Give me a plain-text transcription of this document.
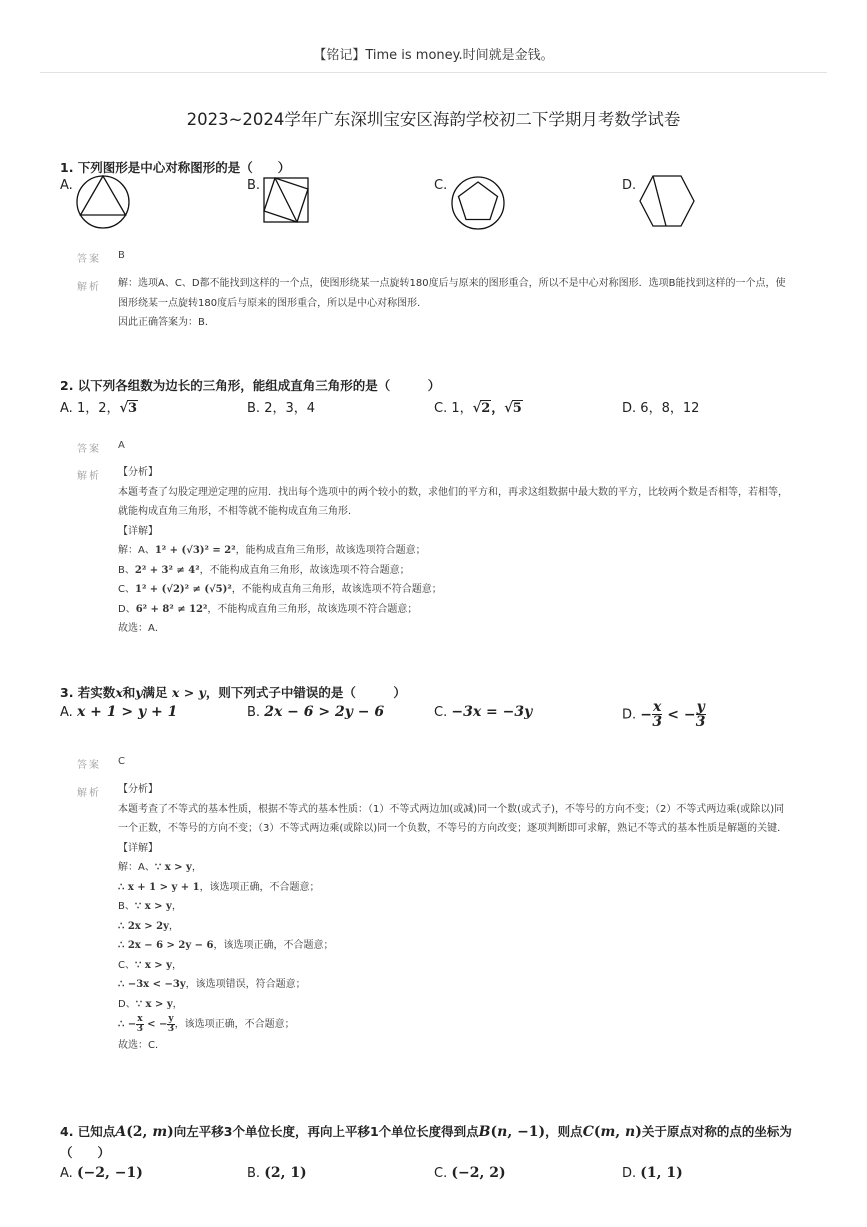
【铭记】Time is money.时间就是金钱。
2023~2024学年广东深圳宝安区海韵学校初二下学期月考数学试卷
1. 下列图形是中心对称图形的是（　　）
A.	B.	C.	D.
答案 B
解析 解：选项A、C、D都不能找到这样的一个点，使图形绕某一点旋转180度后与原来的图形重合，所以不是中心对称图形．选项B能找到这样的一个点，使图形绕某一点旋转180度后与原来的图形重合，所以是中心对称图形．
因此正确答案为：B．
2. 以下列各组数为边长的三角形，能组成直角三角形的是（　　　）
A. 1，2，√3	B. 2，3，4	C. 1，√2，√5	D. 6，8，12
答案 A
解析 【分析】
本题考查了勾股定理逆定理的应用．找出每个选项中的两个较小的数，求他们的平方和，再求这组数据中最大数的平方，比较两个数是否相等，若相等，就能构成直角三角形，不相等就不能构成直角三角形．
【详解】
解：A、1² + (√3)² = 2²，能构成直角三角形，故该选项符合题意；
B、2² + 3² ≠ 4²，不能构成直角三角形，故该选项不符合题意；
C、1² + (√2)² ≠ (√5)²，不能构成直角三角形，故该选项不符合题意；
D、6² + 8² ≠ 12²，不能构成直角三角形，故该选项不符合题意；
故选：A．
3. 若实数x和y满足 x > y，则下列式子中错误的是（　　　）
A. x + 1 > y + 1	B. 2x − 6 > 2y − 6	C. −3x = −3y	D. − $\frac{x}{3}$ < − $\frac{y}{3}$
答案 C
解析 【分析】
本题考查了不等式的基本性质，根据不等式的基本性质：（1）不等式两边加(或减)同一个数(或式子)，不等号的方向不变；（2）不等式两边乘(或除以)同一个正数，不等号的方向不变；（3）不等式两边乘(或除以)同一个负数，不等号的方向改变；逐项判断即可求解，熟记不等式的基本性质是解题的关键．
【详解】
解：A、∵ x > y，
∴ x + 1 > y + 1，该选项正确，不合题意；
B、∵ x > y，
∴ 2x > 2y，
∴ 2x − 6 > 2y − 6，该选项正确，不合题意；
C、∵ x > y，
∴ −3x < −3y，该选项错误，符合题意；
D、∵ x > y，
∴ − $\frac{x}{3}$ < − $\frac{y}{3}$ ，该选项正确，不合题意；
故选：C．
4. 已知点A(2, m)向左平移3个单位长度，再向上平移1个单位长度得到点B(n, −1)，则点C(m, n)关于原点对称的点的坐标为
（　　）
A. (−2, −1)	B. (2, 1)	C. (−2, 2)	D. (1, 1)
